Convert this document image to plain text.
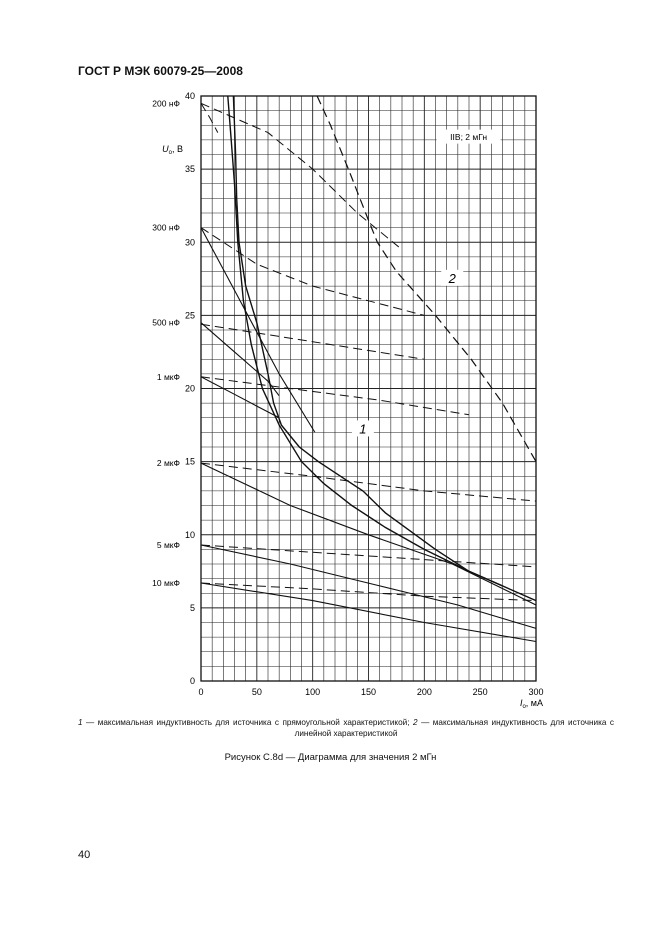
ГОСТ Р МЭК 60079-25—2008
0	50	100	150	200	250	300
0
5
10
15
20
25
30
35
40
200 нФ
300 нФ
500 нФ
1 мкФ
2 мкФ
5 мкФ
10 мкФ
$U_o$, В
$I_o$, мА
IIB; 2 мГн
1
2
1 — максимальная индуктивность для источника с прямоугольной характеристикой; 2 — максимальная индуктивность для источника с линейной характеристикой
Рисунок C.8d — Диаграмма для значения 2 мГн
40
